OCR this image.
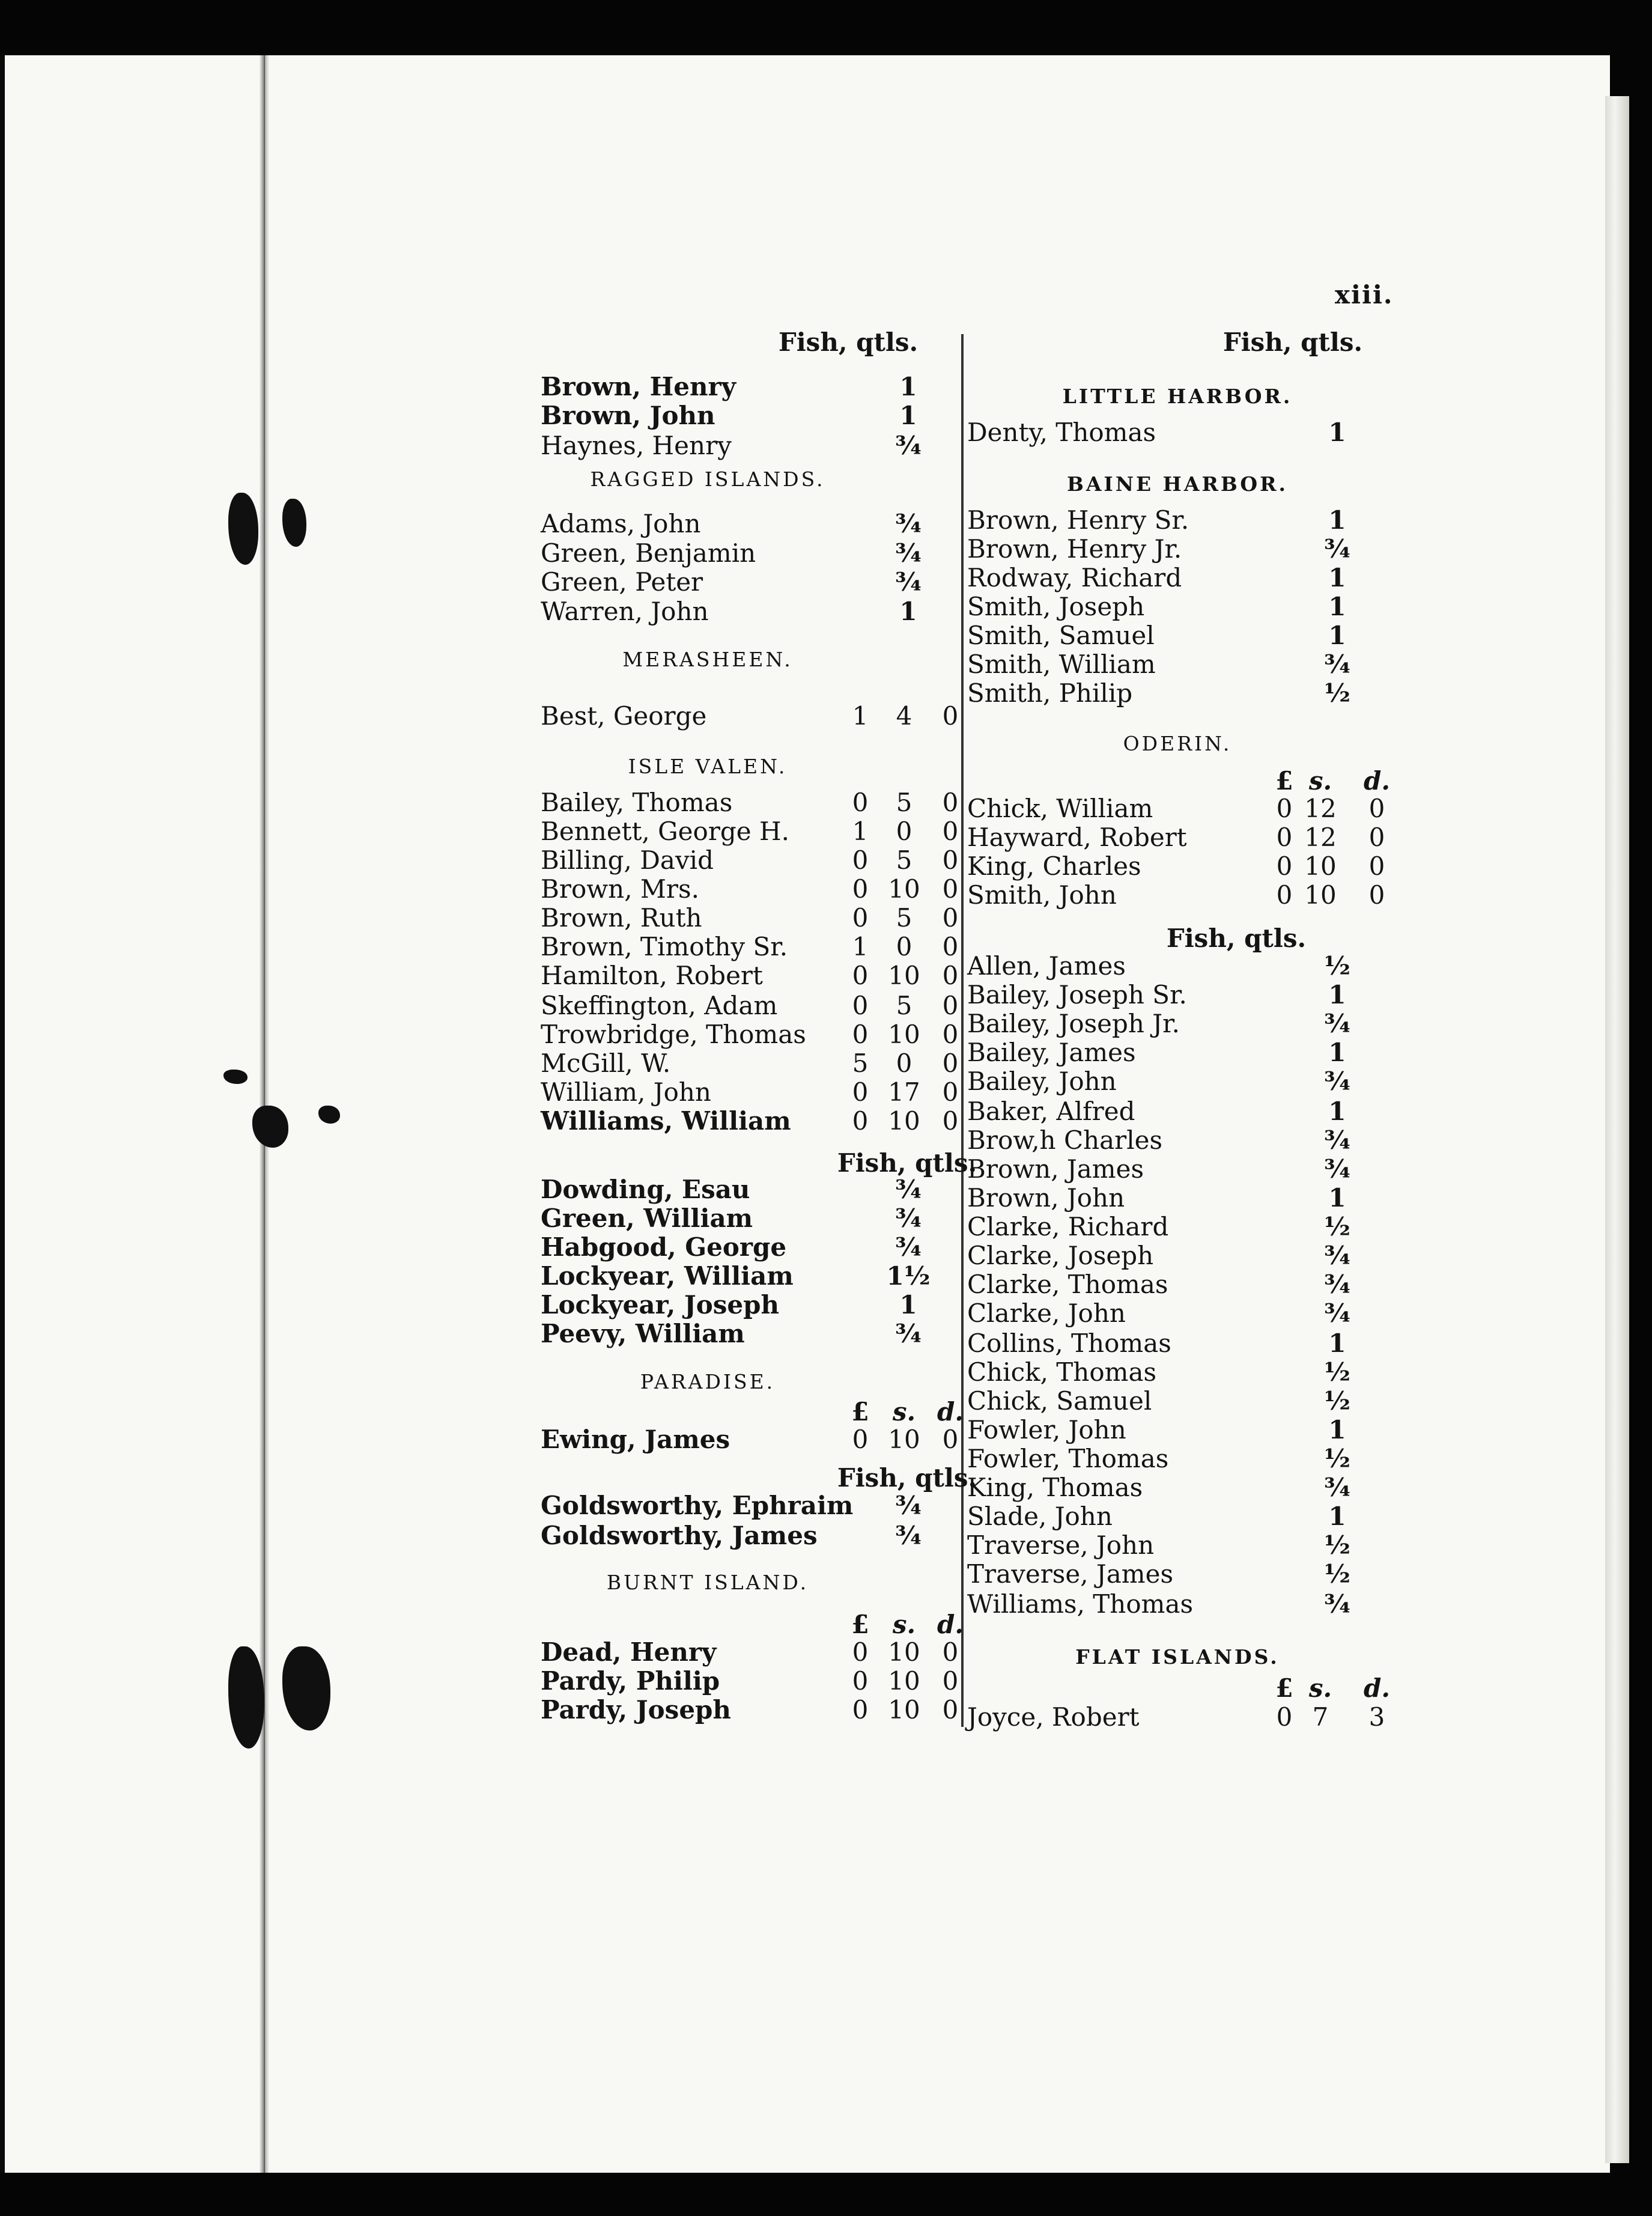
xiii.
Brown, Henry	1
Brown, John	1
Haynes, Henry	¾
RAGGED ISLANDS.
Adams, John	¾
Green, Benjamin	¾
Green, Peter	¾
Warren, John	1
MERASHEEN.
Best, George	1 4 0
ISLE VALEN.
Bailey, Thomas	0 5 0
Bennett, George H. 1 0 0
Billing, David	0 5 0
Brown, Mrs.	0 10 0
Brown, Ruth	0 5 0
Brown, Timothy Sr.	1 0 0
Hamilton, Robert	0 10 0
Skeffington, Adam	0 5 0
Trowbridge, Thomas 0 10 0
McGill, W.	5 0 0
William, John	0 17 0
Williams, William 0 10 0
Fish, qtls.
Dowding, Esau	¾
Green, William	¾
Habgood, George	¾
Lockyear, William	1½
Lockyear, Joseph	1
Peevy, William	¾
PARADISE.
£ s. d.
Ewing, James	0 10 0
Fish, qtls.
Goldsworthy, Ephraim ¾
Goldsworthy, James	¾
BURNT ISLAND.
£ s. d.
Dead, Henry	0 10 0
Pardy, Philip	0 10 0
Pardy, Joseph	0 10 0
Fish, qtls.
LITTLE HARBOR.
Denty, Thomas	1
BAINE HARBOR.
Brown, Henry Sr.	1
Brown, Henry Jr.	¾
Rodway, Richard	1
Smith, Joseph	1
Smith, Samuel	1
Smith, William	¾
Smith, Philip	½
ODERIN.
£ s. d.
Chick, William	0 12 0
Hayward, Robert	0 12 0
King, Charles	0 10 0
Smith, John	0 10 0
Fish, qtls.
Allen, James	½
Bailey, Joseph Sr.	1
Bailey, Joseph Jr.	¾
Bailey, James	1
Bailey, John	¾
Baker, Alfred	1
Brow,h Charles	¾
Brown, James	¾
Brown, John	1
Clarke, Richard	½
Clarke, Joseph	¾
Clarke, Thomas	¾
Clarke, John	¾
Collins, Thomas	1
Chick, Thomas	½
Chick, Samuel	½
Fowler, John	1
Fowler, Thomas	½
King, Thomas	¾
Slade, John	1
Traverse, John	½
Traverse, James	½
Williams, Thomas	¾
FLAT ISLANDS.
£ s. d.
Joyce, Robert	0 7 3
Fish, qtls.
